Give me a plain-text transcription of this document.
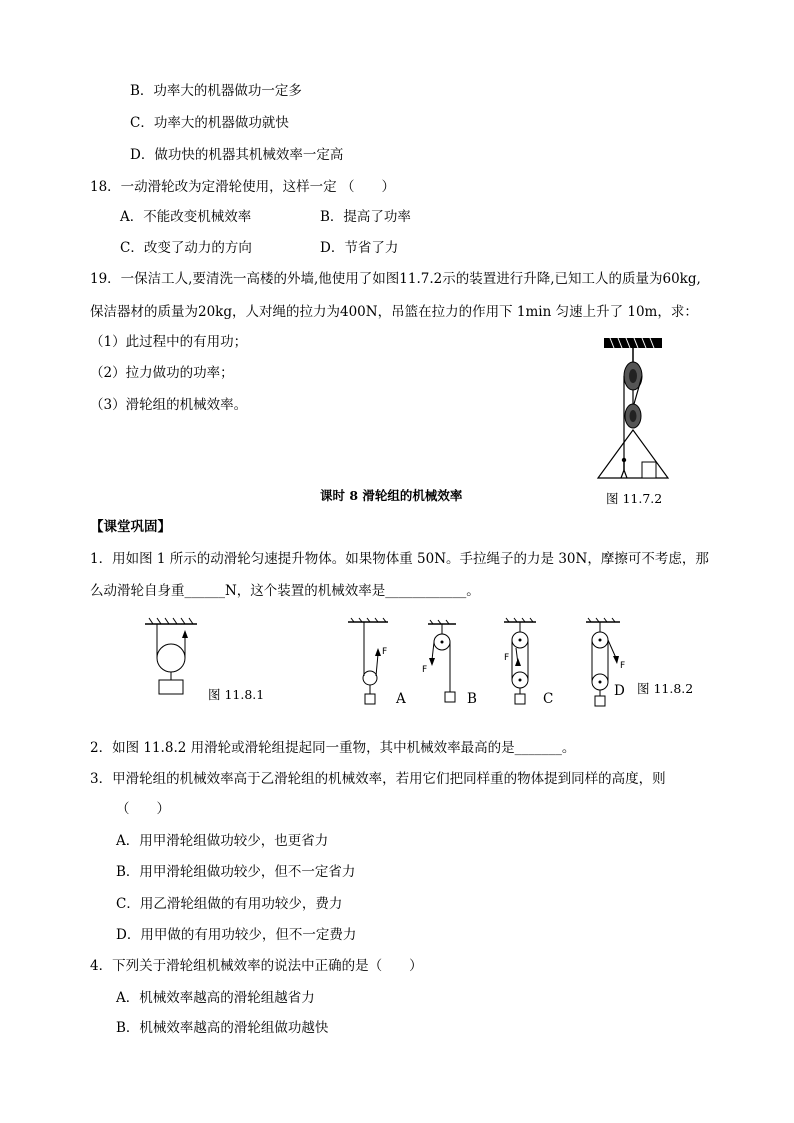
B．功率大的机器做功一定多
C．功率大的机器做功就快
D．做功快的机器其机械效率一定高
18．一动滑轮改为定滑轮使用，这样一定 （　　）
A．不能改变机械效率	B．提高了功率
C．改变了动力的方向	D．节省了力
19．一保洁工人,要清洗一高楼的外墙,他使用了如图11.7.2示的装置进行升降,已知工人的质量为60kg,
保洁器材的质量为20kg，人对绳的拉力为400N，吊篮在拉力的作用下 1min 匀速上升了 10m，求：
（1）此过程中的有用功；
（2）拉力做功的功率；
（3）滑轮组的机械效率。
图 11.7.2
课时 8 滑轮组的机械效率
【课堂巩固】
1．用如图 1 所示的动滑轮匀速提升物体。如果物体重 50N。手拉绳子的力是 30N，摩擦可不考虑，那
么动滑轮自身重______N，这个装置的机械效率是____________。
图 11.8.1
F
A
F
B
F
C
F
D 图 11.8.2
2．如图 11.8.2 用滑轮或滑轮组提起同一重物，其中机械效率最高的是_______。
3．甲滑轮组的机械效率高于乙滑轮组的机械效率，若用它们把同样重的物体提到同样的高度，则
（　　）
A．用甲滑轮组做功较少，也更省力
B．用甲滑轮组做功较少，但不一定省力
C．用乙滑轮组做的有用功较少，费力
D．用甲做的有用功较少，但不一定费力
4．下列关于滑轮组机械效率的说法中正确的是（　　）
A．机械效率越高的滑轮组越省力
B．机械效率越高的滑轮组做功越快
